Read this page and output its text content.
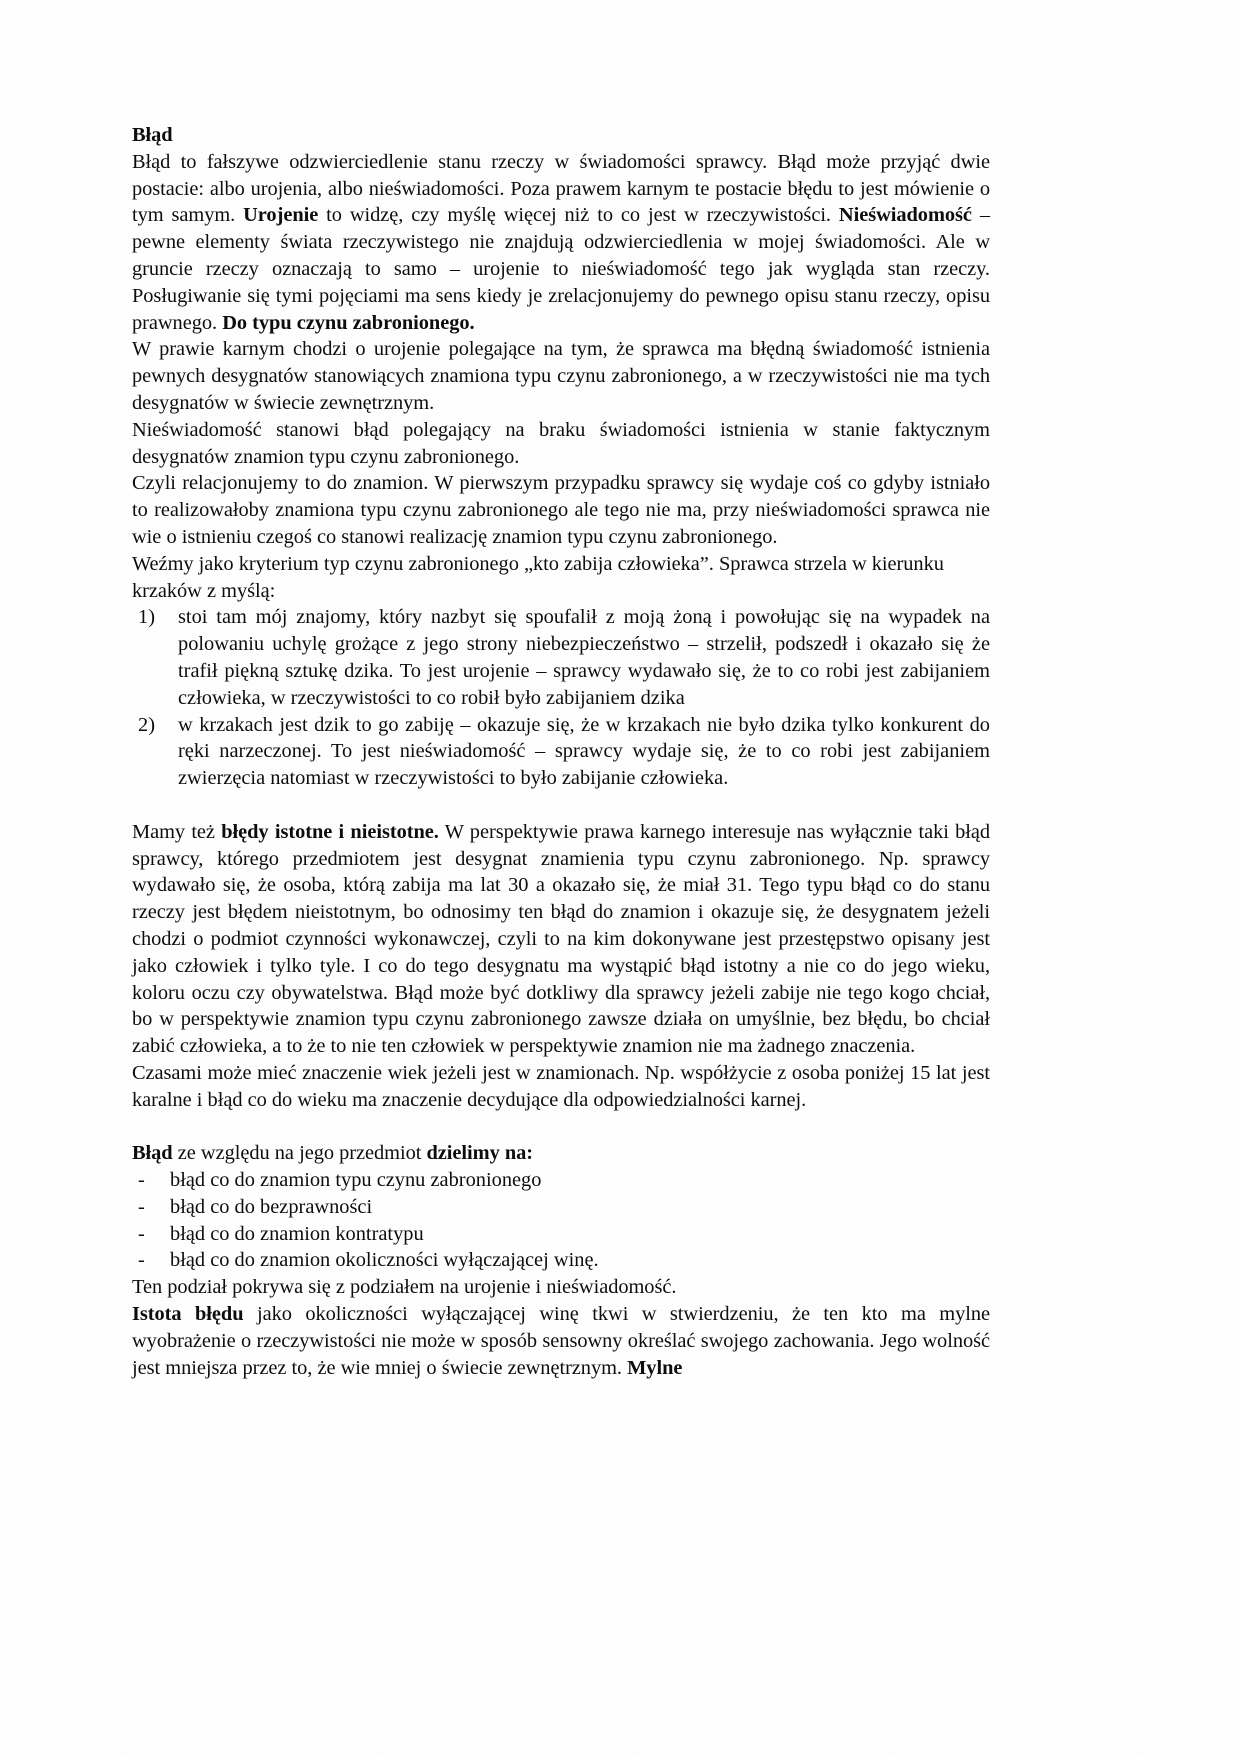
Błąd

Błąd to fałszywe odzwierciedlenie stanu rzeczy w świadomości sprawcy. Błąd może przyjąć dwie postacie: albo urojenia, albo nieświadomości. Poza prawem karnym te postacie błędu to jest mówienie o tym samym. Urojenie to widzę, czy myślę więcej niż to co jest w rzeczywistości. Nieświadomość – pewne elementy świata rzeczywistego nie znajdują odzwierciedlenia w mojej świadomości. Ale w gruncie rzeczy oznaczają to samo – urojenie to nieświadomość tego jak wygląda stan rzeczy. Posługiwanie się tymi pojęciami ma sens kiedy je zrelacjonujemy do pewnego opisu stanu rzeczy, opisu prawnego. Do typu czynu zabronionego.

W prawie karnym chodzi o urojenie polegające na tym, że sprawca ma błędną świadomość istnienia pewnych desygnatów stanowiących znamiona typu czynu zabronionego, a w rzeczywistości nie ma tych desygnatów w świecie zewnętrznym.

Nieświadomość stanowi błąd polegający na braku świadomości istnienia w stanie faktycznym desygnatów znamion typu czynu zabronionego.

Czyli relacjonujemy to do znamion. W pierwszym przypadku sprawcy się wydaje coś co gdyby istniało to realizowałoby znamiona typu czynu zabronionego ale tego nie ma, przy nieświadomości sprawca nie wie o istnieniu czegoś co stanowi realizację znamion typu czynu zabronionego.

Weźmy jako kryterium typ czynu zabronionego „kto zabija człowieka”. Sprawca strzela w kierunku krzaków z myślą:

1)	stoi tam mój znajomy, który nazbyt się spoufalił z moją żoną i powołując się na wypadek na polowaniu uchylę grożące z jego strony niebezpieczeństwo – strzelił, podszedł i okazało się że trafił piękną sztukę dzika. To jest urojenie – sprawcy wydawało się, że to co robi jest zabijaniem człowieka, w rzeczywistości to co robił było zabijaniem dzika
2)	w krzakach jest dzik to go zabiję – okazuje się, że w krzakach nie było dzika tylko konkurent do ręki narzeczonej. To jest nieświadomość – sprawcy wydaje się, że to co robi jest zabijaniem zwierzęcia natomiast w rzeczywistości to było zabijanie człowieka.

Mamy też błędy istotne i nieistotne. W perspektywie prawa karnego interesuje nas wyłącznie taki błąd sprawcy, którego przedmiotem jest desygnat znamienia typu czynu zabronionego. Np. sprawcy wydawało się, że osoba, którą zabija ma lat 30 a okazało się, że miał 31. Tego typu błąd co do stanu rzeczy jest błędem nieistotnym, bo odnosimy ten błąd do znamion i okazuje się, że desygnatem jeżeli chodzi o podmiot czynności wykonawczej, czyli to na kim dokonywane jest przestępstwo opisany jest jako człowiek i tylko tyle. I co do tego desygnatu ma wystąpić błąd istotny a nie co do jego wieku, koloru oczu czy obywatelstwa. Błąd może być dotkliwy dla sprawcy jeżeli zabije nie tego kogo chciał, bo w perspektywie znamion typu czynu zabronionego zawsze działa on umyślnie, bez błędu, bo chciał zabić człowieka, a to że to nie ten człowiek w perspektywie znamion nie ma żadnego znaczenia.

Czasami może mieć znaczenie wiek jeżeli jest w znamionach. Np. współżycie z osoba poniżej 15 lat jest karalne i błąd co do wieku ma znaczenie decydujące dla odpowiedzialności karnej.

Błąd ze względu na jego przedmiot dzielimy na:

- błąd co do znamion typu czynu zabronionego
- błąd co do bezprawności
- błąd co do znamion kontratypu
- błąd co do znamion okoliczności wyłączającej winę.

Ten podział pokrywa się z podziałem na urojenie i nieświadomość.

Istota błędu jako okoliczności wyłączającej winę tkwi w stwierdzeniu, że ten kto ma mylne wyobrażenie o rzeczywistości nie może w sposób sensowny określać swojego zachowania. Jego wolność jest mniejsza przez to, że wie mniej o świecie zewnętrznym. Mylne
